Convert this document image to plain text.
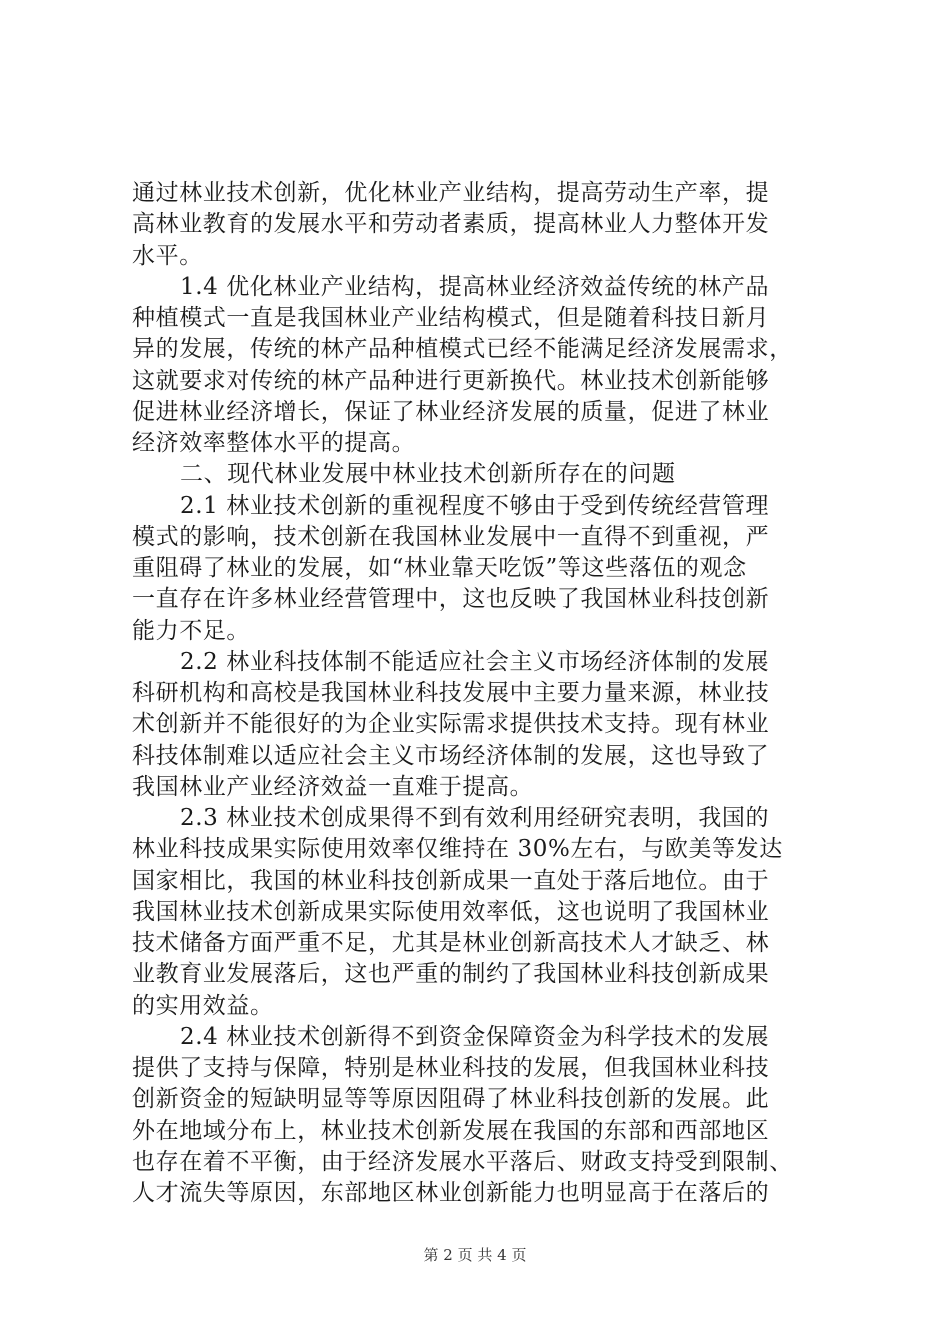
通过林业技术创新，优化林业产业结构，提高劳动生产率，提
高林业教育的发展水平和劳动者素质，提高林业人力整体开发
水平。
1.4 优化林业产业结构，提高林业经济效益传统的林产品
种植模式一直是我国林业产业结构模式，但是随着科技日新月
异的发展，传统的林产品种植模式已经不能满足经济发展需求，
这就要求对传统的林产品种进行更新换代。林业技术创新能够
促进林业经济增长，保证了林业经济发展的质量，促进了林业
经济效率整体水平的提高。
二、现代林业发展中林业技术创新所存在的问题
2.1 林业技术创新的重视程度不够由于受到传统经营管理
模式的影响，技术创新在我国林业发展中一直得不到重视，严
重阻碍了林业的发展，如“林业靠天吃饭”等这些落伍的观念
一直存在许多林业经营管理中，这也反映了我国林业科技创新
能力不足。
2.2 林业科技体制不能适应社会主义市场经济体制的发展
科研机构和高校是我国林业科技发展中主要力量来源，林业技
术创新并不能很好的为企业实际需求提供技术支持。现有林业
科技体制难以适应社会主义市场经济体制的发展，这也导致了
我国林业产业经济效益一直难于提高。
2.3 林业技术创成果得不到有效利用经研究表明，我国的
林业科技成果实际使用效率仅维持在 30%左右，与欧美等发达
国家相比，我国的林业科技创新成果一直处于落后地位。由于
我国林业技术创新成果实际使用效率低，这也说明了我国林业
技术储备方面严重不足，尤其是林业创新高技术人才缺乏、林
业教育业发展落后，这也严重的制约了我国林业科技创新成果
的实用效益。
2.4 林业技术创新得不到资金保障资金为科学技术的发展
提供了支持与保障，特别是林业科技的发展，但我国林业科技
创新资金的短缺明显等等原因阻碍了林业科技创新的发展。此
外在地域分布上，林业技术创新发展在我国的东部和西部地区
也存在着不平衡，由于经济发展水平落后、财政支持受到限制、
人才流失等原因，东部地区林业创新能力也明显高于在落后的
第 2 页 共 4 页
